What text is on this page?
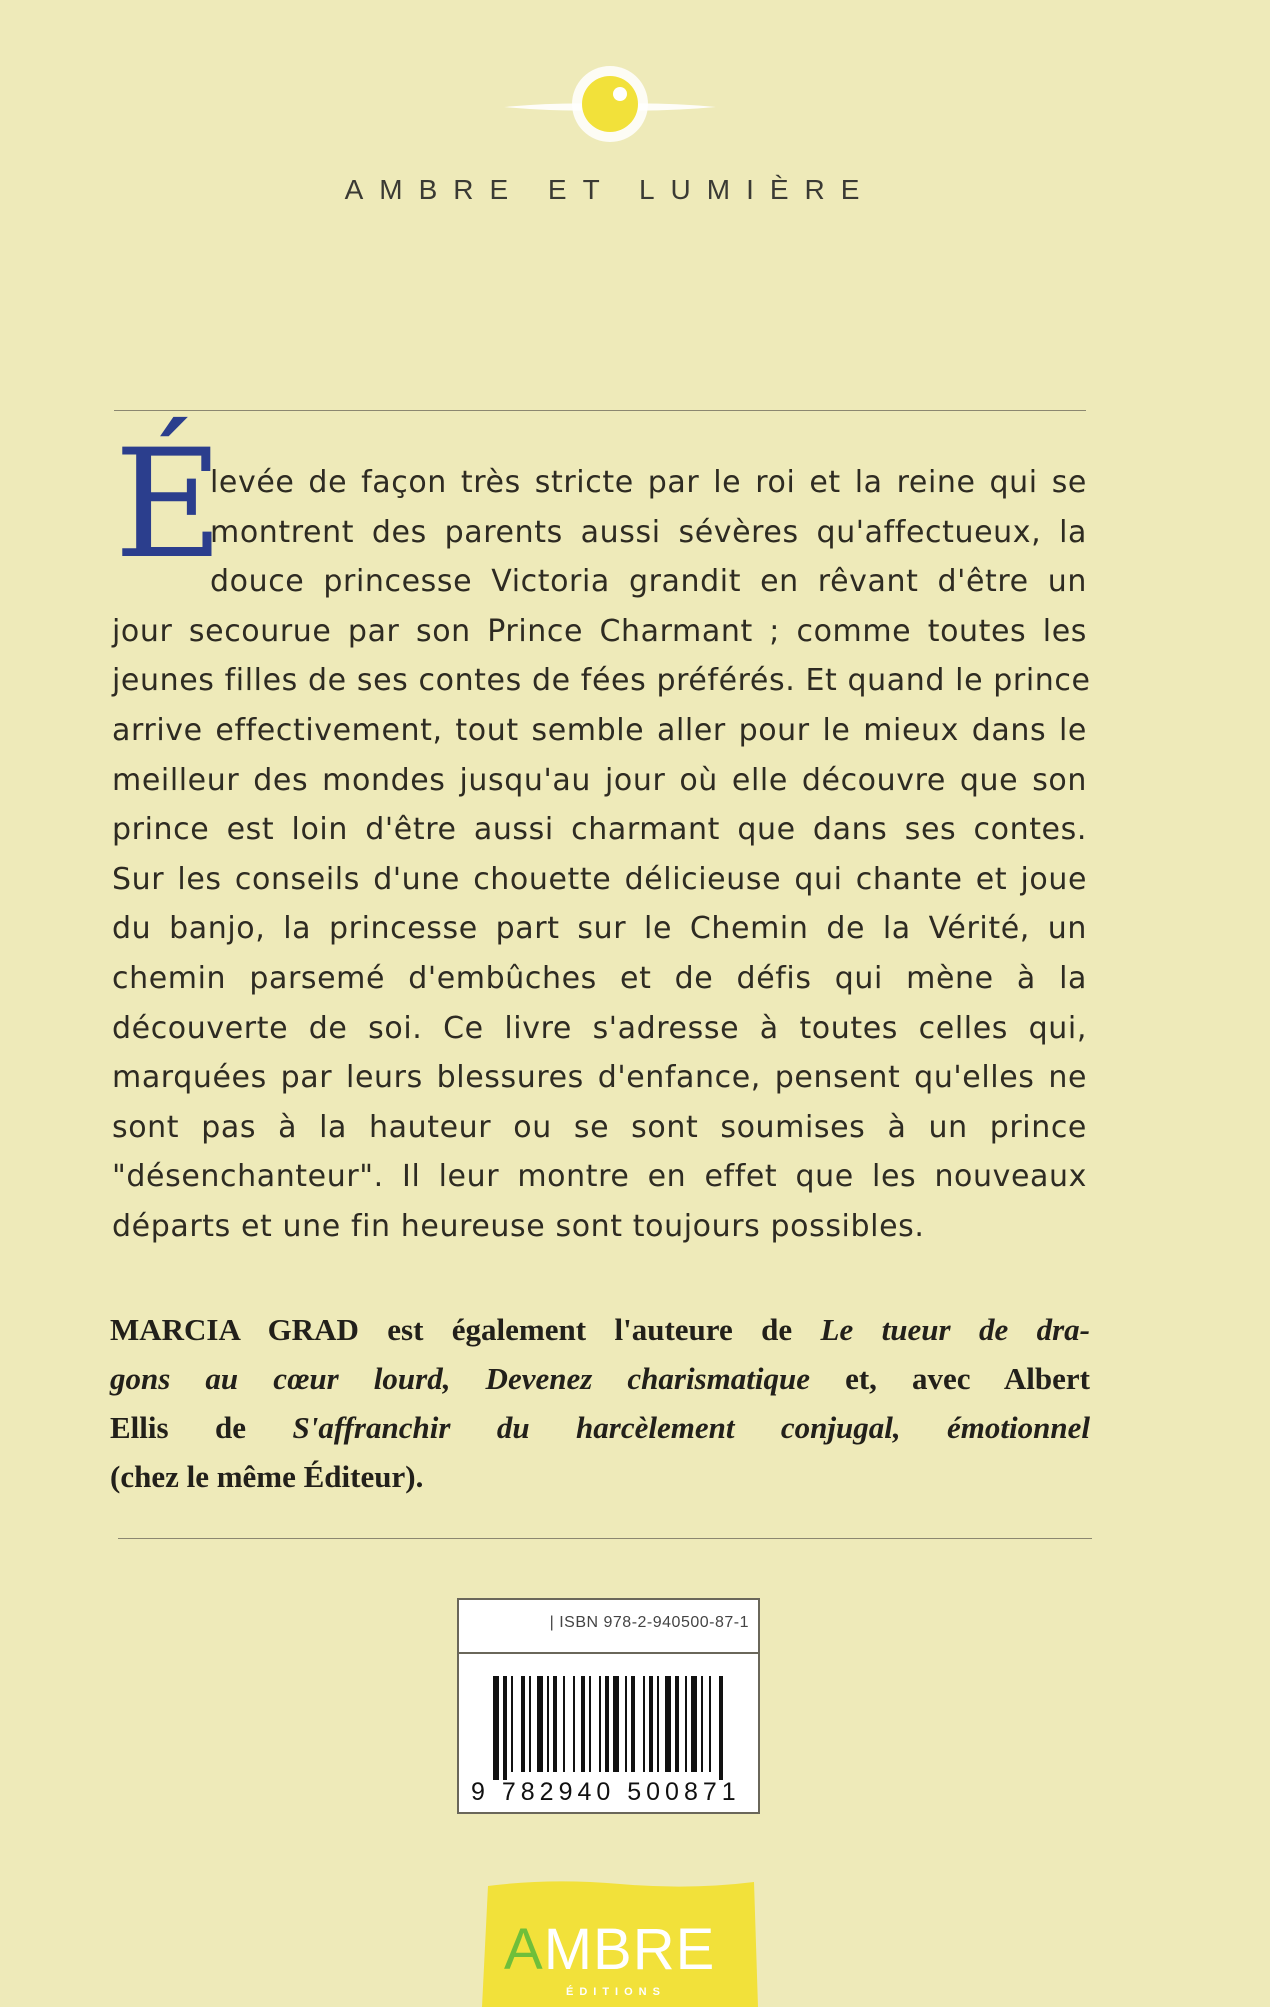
AMBRE ET LUMIÈRE
É
levée de façon très stricte par le roi et la reine qui se
montrent des parents aussi sévères qu'affectueux, la
douce princesse Victoria grandit en rêvant d'être un
jour secourue par son Prince Charmant ; comme toutes les
jeunes filles de ses contes de fées préférés. Et quand le prince
arrive effectivement, tout semble aller pour le mieux dans le
meilleur des mondes jusqu'au jour où elle découvre que son
prince est loin d'être aussi charmant que dans ses contes.
Sur les conseils d'une chouette délicieuse qui chante et joue
du banjo, la princesse part sur le Chemin de la Vérité, un
chemin parsemé d'embûches et de défis qui mène à la
découverte de soi. Ce livre s'adresse à toutes celles qui,
marquées par leurs blessures d'enfance, pensent qu'elles ne
sont pas à la hauteur ou se sont soumises à un prince
"désenchanteur". Il leur montre en effet que les nouveaux
départs et une fin heureuse sont toujours possibles.
MARCIA GRAD est également l'auteure de Le tueur de dra-
gons au cœur lourd, Devenez charismatique et, avec Albert
Ellis de S'affranchir du harcèlement conjugal, émotionnel
(chez le même Éditeur).
| ISBN 978-2-940500-87-1
9 782940 500871
AMBRE
ÉDITIONS
